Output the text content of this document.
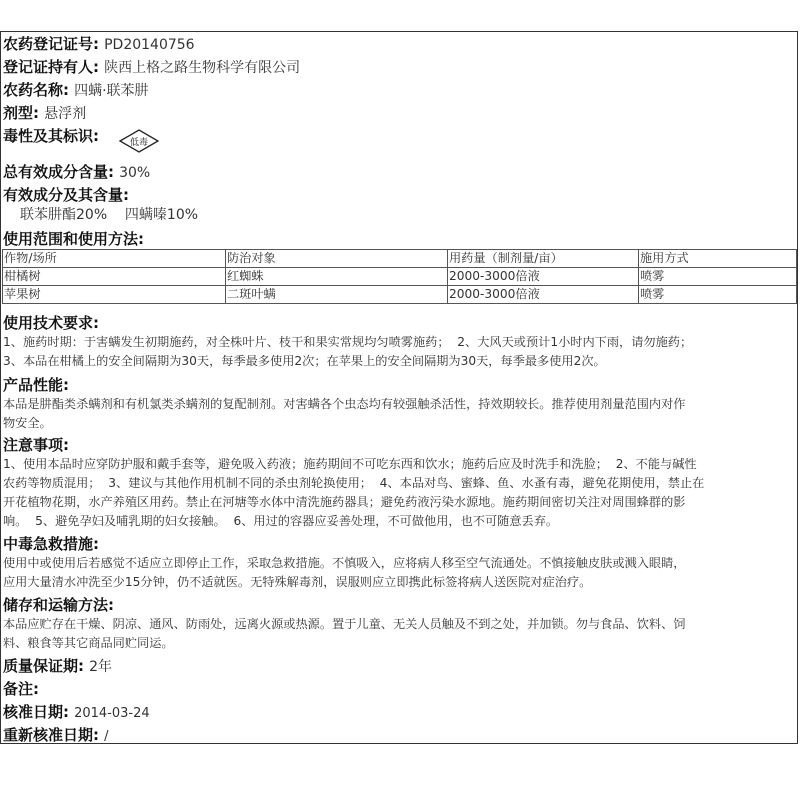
农药登记证号: PD20140756
登记证持有人: 陕西上格之路生物科学有限公司
农药名称: 四螨·联苯肼
剂型: 悬浮剂
毒性及其标识:	低毒
总有效成分含量: 30%
有效成分及其含量:
联苯肼酯20%    四螨嗪10%
使用范围和使用方法:
作物/场所	防治对象	用药量（制剂量/亩）	施用方式
柑橘树	红蜘蛛	2000-3000倍液	喷雾
苹果树	二斑叶螨	2000-3000倍液	喷雾
使用技术要求:
1、施药时期：于害螨发生初期施药，对全株叶片、枝干和果实常规均匀喷雾施药；  2、大风天或预计1小时内下雨，请勿施药；
3、本品在柑橘上的安全间隔期为30天，每季最多使用2次；在苹果上的安全间隔期为30天，每季最多使用2次。
产品性能:
本品是肼酯类杀螨剂和有机氯类杀螨剂的复配制剂。对害螨各个虫态均有较强触杀活性，持效期较长。推荐使用剂量范围内对作
物安全。
注意事项:
1、使用本品时应穿防护服和戴手套等，避免吸入药液；施药期间不可吃东西和饮水；施药后应及时洗手和洗脸；  2、不能与碱性
农药等物质混用；  3、建议与其他作用机制不同的杀虫剂轮换使用；  4、本品对鸟、蜜蜂、鱼、水蚤有毒，避免花期使用，禁止在
开花植物花期，水产养殖区用药。禁止在河塘等水体中清洗施药器具；避免药液污染水源地。施药期间密切关注对周围蜂群的影
响。  5、避免孕妇及哺乳期的妇女接触。  6、用过的容器应妥善处理，不可做他用，也不可随意丢弃。
中毒急救措施:
使用中或使用后若感觉不适应立即停止工作，采取急救措施。不慎吸入，应将病人移至空气流通处。不慎接触皮肤或溅入眼睛，
应用大量清水冲洗至少15分钟，仍不适就医。无特殊解毒剂，误服则应立即携此标签将病人送医院对症治疗。
储存和运输方法:
本品应贮存在干燥、阴凉、通风、防雨处，远离火源或热源。置于儿童、无关人员触及不到之处，并加锁。勿与食品、饮料、饲
料、粮食等其它商品同贮同运。
质量保证期: 2年
备注:
核准日期: 2014-03-24
重新核准日期: /
